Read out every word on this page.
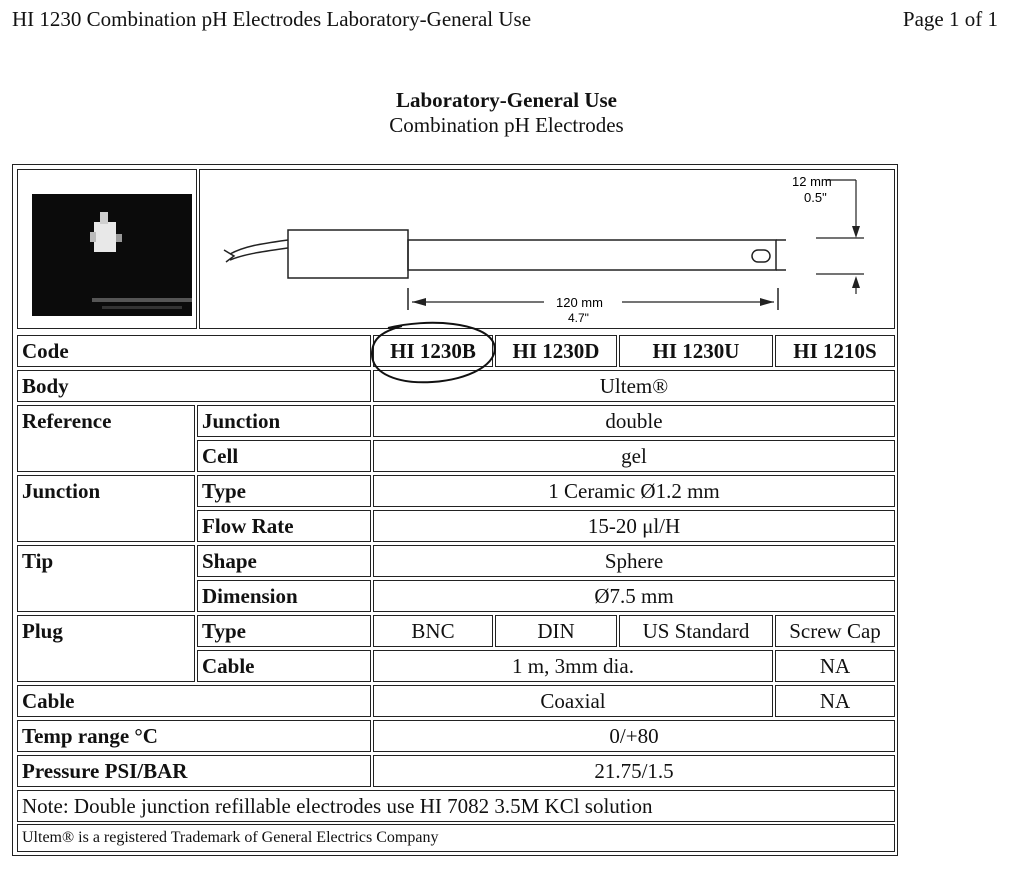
HI 1230 Combination pH Electrodes Laboratory-General Use	Page 1 of 1
Laboratory-General Use
Combination pH Electrodes
12 mm
0.5"
120 mm
4.7"
Code	HI 1230B	HI 1230D	HI 1230U	HI 1210S
Body	Ultem®
Reference	Junction	double
Cell	gel
Junction	Type	1 Ceramic Ø1.2 mm
Flow Rate	15-20 μl/H
Tip	Shape	Sphere
Dimension	Ø7.5 mm
Plug	Type	BNC	DIN	US Standard	Screw Cap
Cable	1 m, 3mm dia.	NA
Cable	Coaxial	NA
Temp range °C	0/+80
Pressure PSI/BAR	21.75/1.5
Note: Double junction refillable electrodes use HI 7082 3.5M KCl solution
Ultem® is a registered Trademark of General Electrics Company
